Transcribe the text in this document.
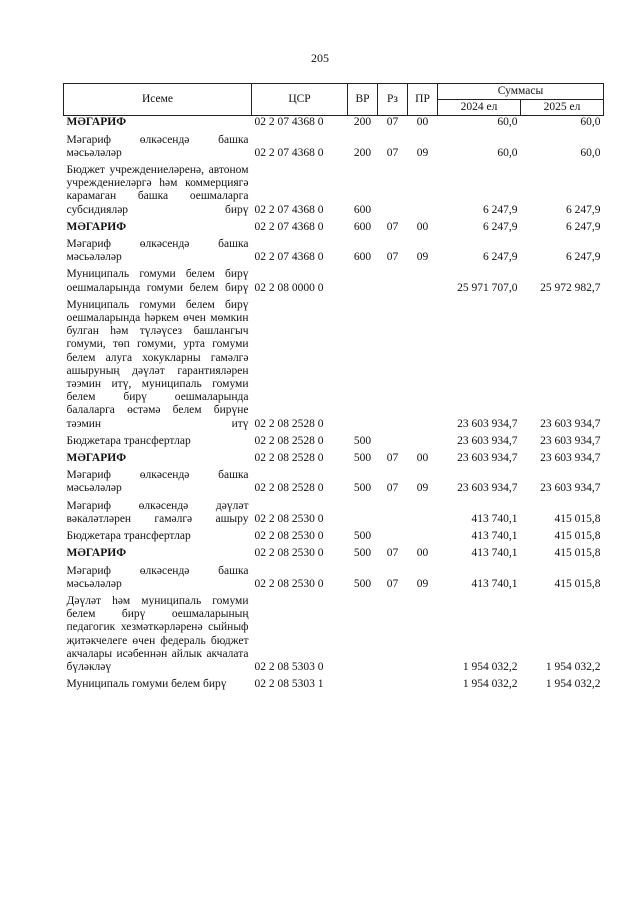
205
Исеме	ЦСР	ВР	Рз	ПР	Суммасы	
					2024 ел	2025 ел
МӘГАРИФ	02 2 07 4368 0	200	07	00	60,0	60,0
Мәгариф өлкәсендә башка мәсьәләләр	02 2 07 4368 0	200	07	09	60,0	60,0
Бюджет учреждениеләренә, автоном учреждениеләргә һәм коммерциягә карамаган башка оешмаларга субсидияләр бирү	02 2 07 4368 0	600			6 247,9	6 247,9
МӘГАРИФ	02 2 07 4368 0	600	07	00	6 247,9	6 247,9
Мәгариф өлкәсендә башка мәсьәләләр	02 2 07 4368 0	600	07	09	6 247,9	6 247,9
Муниципаль гомуми белем бирү оешмаларында гомуми белем бирү	02 2 08 0000 0				25 971 707,0	25 972 982,7
Муниципаль гомуми белем бирү оешмаларында һәркем өчен мөмкин булган һәм түләүсез башлангыч гомуми, төп гомуми, урта гомуми белем алуга хокукларны гамәлгә ашыруның дәүләт гарантияләрен тәэмин итү, муниципаль гомуми белем бирү оешмаларында балаларга өстәмә белем бирүне тәэмин итү	02 2 08 2528 0				23 603 934,7	23 603 934,7
Бюджетара трансфертлар	02 2 08 2528 0	500			23 603 934,7	23 603 934,7
МӘГАРИФ	02 2 08 2528 0	500	07	00	23 603 934,7	23 603 934,7
Мәгариф өлкәсендә башка мәсьәләләр	02 2 08 2528 0	500	07	09	23 603 934,7	23 603 934,7
Мәгариф өлкәсендә дәүләт вәкаләтләрен гамәлгә ашыру	02 2 08 2530 0				413 740,1	415 015,8
Бюджетара трансфертлар	02 2 08 2530 0	500			413 740,1	415 015,8
МӘГАРИФ	02 2 08 2530 0	500	07	00	413 740,1	415 015,8
Мәгариф өлкәсендә башка мәсьәләләр	02 2 08 2530 0	500	07	09	413 740,1	415 015,8
Дәүләт һәм муниципаль гомуми белем бирү оешмаларының педагогик хезмәткәрләренә сыйныф җитәкчелеге өчен федераль бюджет акчалары исәбеннән айлык акчалата бүләкләү	02 2 08 5303 0				1 954 032,2	1 954 032,2
Муниципаль гомуми белем бирү	02 2 08 5303 1				1 954 032,2	1 954 032,2
